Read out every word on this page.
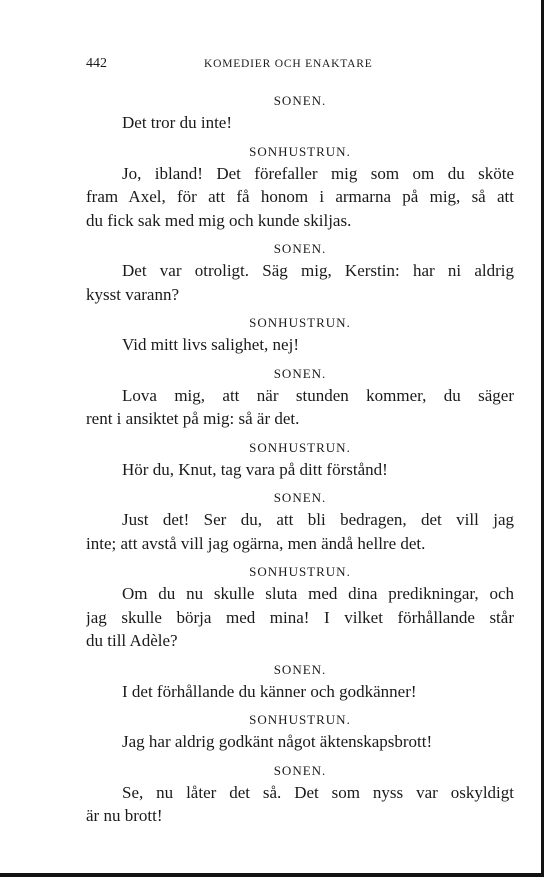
442	KOMEDIER OCH ENAKTARE
SONEN.
Det tror du inte!
SONHUSTRUN.
Jo, ibland! Det förefaller mig som om du sköte
fram Axel, för att få honom i armarna på mig, så att
du fick sak med mig och kunde skiljas.
SONEN.
Det var otroligt. Säg mig, Kerstin: har ni aldrig
kysst varann?
SONHUSTRUN.
Vid mitt livs salighet, nej!
SONEN.
Lova mig, att när stunden kommer, du säger
rent i ansiktet på mig: så är det.
SONHUSTRUN.
Hör du, Knut, tag vara på ditt förstånd!
SONEN.
Just det! Ser du, att bli bedragen, det vill jag
inte; att avstå vill jag ogärna, men ändå hellre det.
SONHUSTRUN.
Om du nu skulle sluta med dina predikningar, och
jag skulle börja med mina! I vilket förhållande står
du till Adèle?
SONEN.
I det förhållande du känner och godkänner!
SONHUSTRUN.
Jag har aldrig godkänt något äktenskapsbrott!
SONEN.
Se, nu låter det så. Det som nyss var oskyldigt
är nu brott!
